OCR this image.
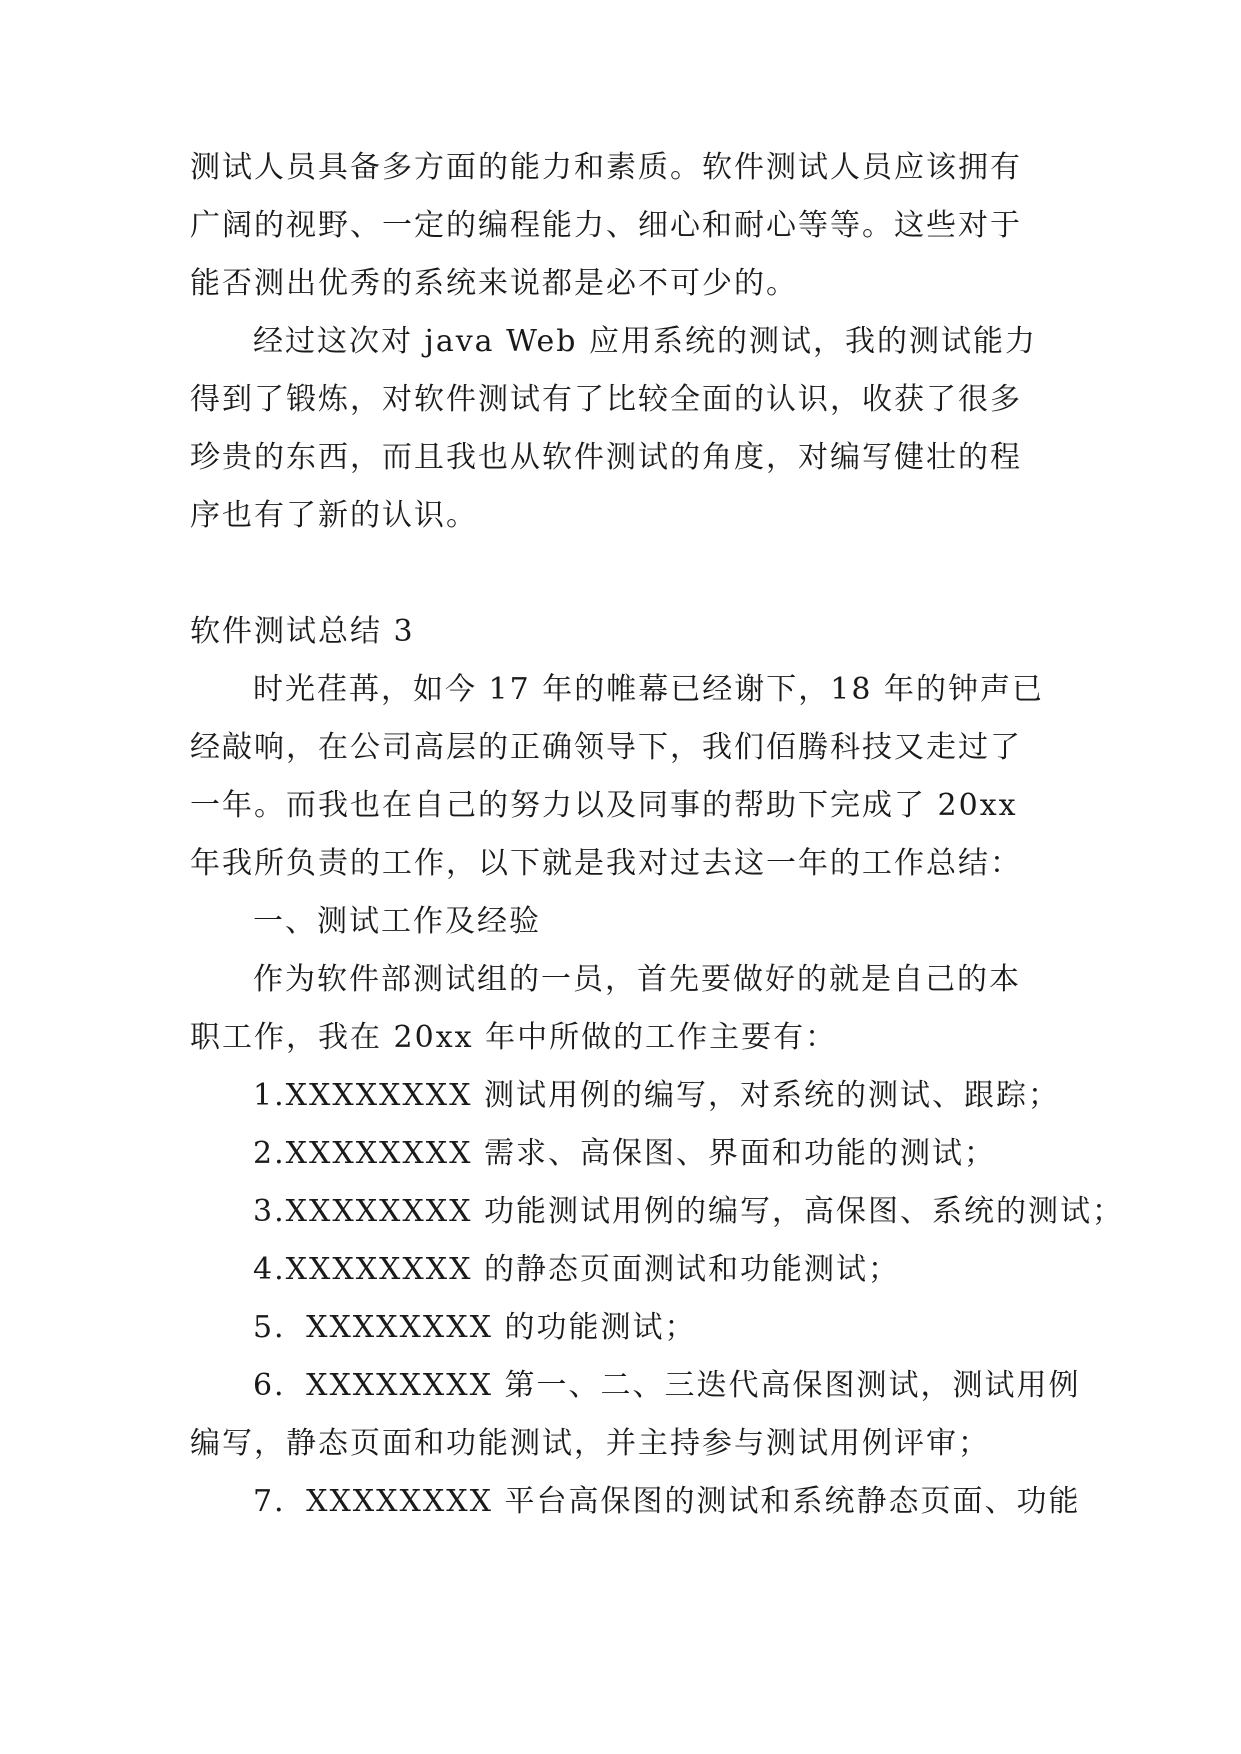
测试人员具备多方面的能力和素质。软件测试人员应该拥有
广阔的视野、一定的编程能力、细心和耐心等等。这些对于
能否测出优秀的系统来说都是必不可少的。
经过这次对 java Web 应用系统的测试，我的测试能力
得到了锻炼，对软件测试有了比较全面的认识，收获了很多
珍贵的东西，而且我也从软件测试的角度，对编写健壮的程
序也有了新的认识。
软件测试总结 3
时光荏苒，如今 17 年的帷幕已经谢下，18 年的钟声已
经敲响，在公司高层的正确领导下，我们佰腾科技又走过了
一年。而我也在自己的努力以及同事的帮助下完成了 20xx
年我所负责的工作，以下就是我对过去这一年的工作总结：
一、测试工作及经验
作为软件部测试组的一员，首先要做好的就是自己的本
职工作，我在 20xx 年中所做的工作主要有：
1.XXXXXXXX 测试用例的编写，对系统的测试、跟踪；
2.XXXXXXXX 需求、高保图、界面和功能的测试；
3.XXXXXXXX 功能测试用例的编写，高保图、系统的测试；
4.XXXXXXXX 的静态页面测试和功能测试；
5．XXXXXXXX 的功能测试；
6．XXXXXXXX 第一、二、三迭代高保图测试，测试用例
编写，静态页面和功能测试，并主持参与测试用例评审；
7．XXXXXXXX 平台高保图的测试和系统静态页面、功能
